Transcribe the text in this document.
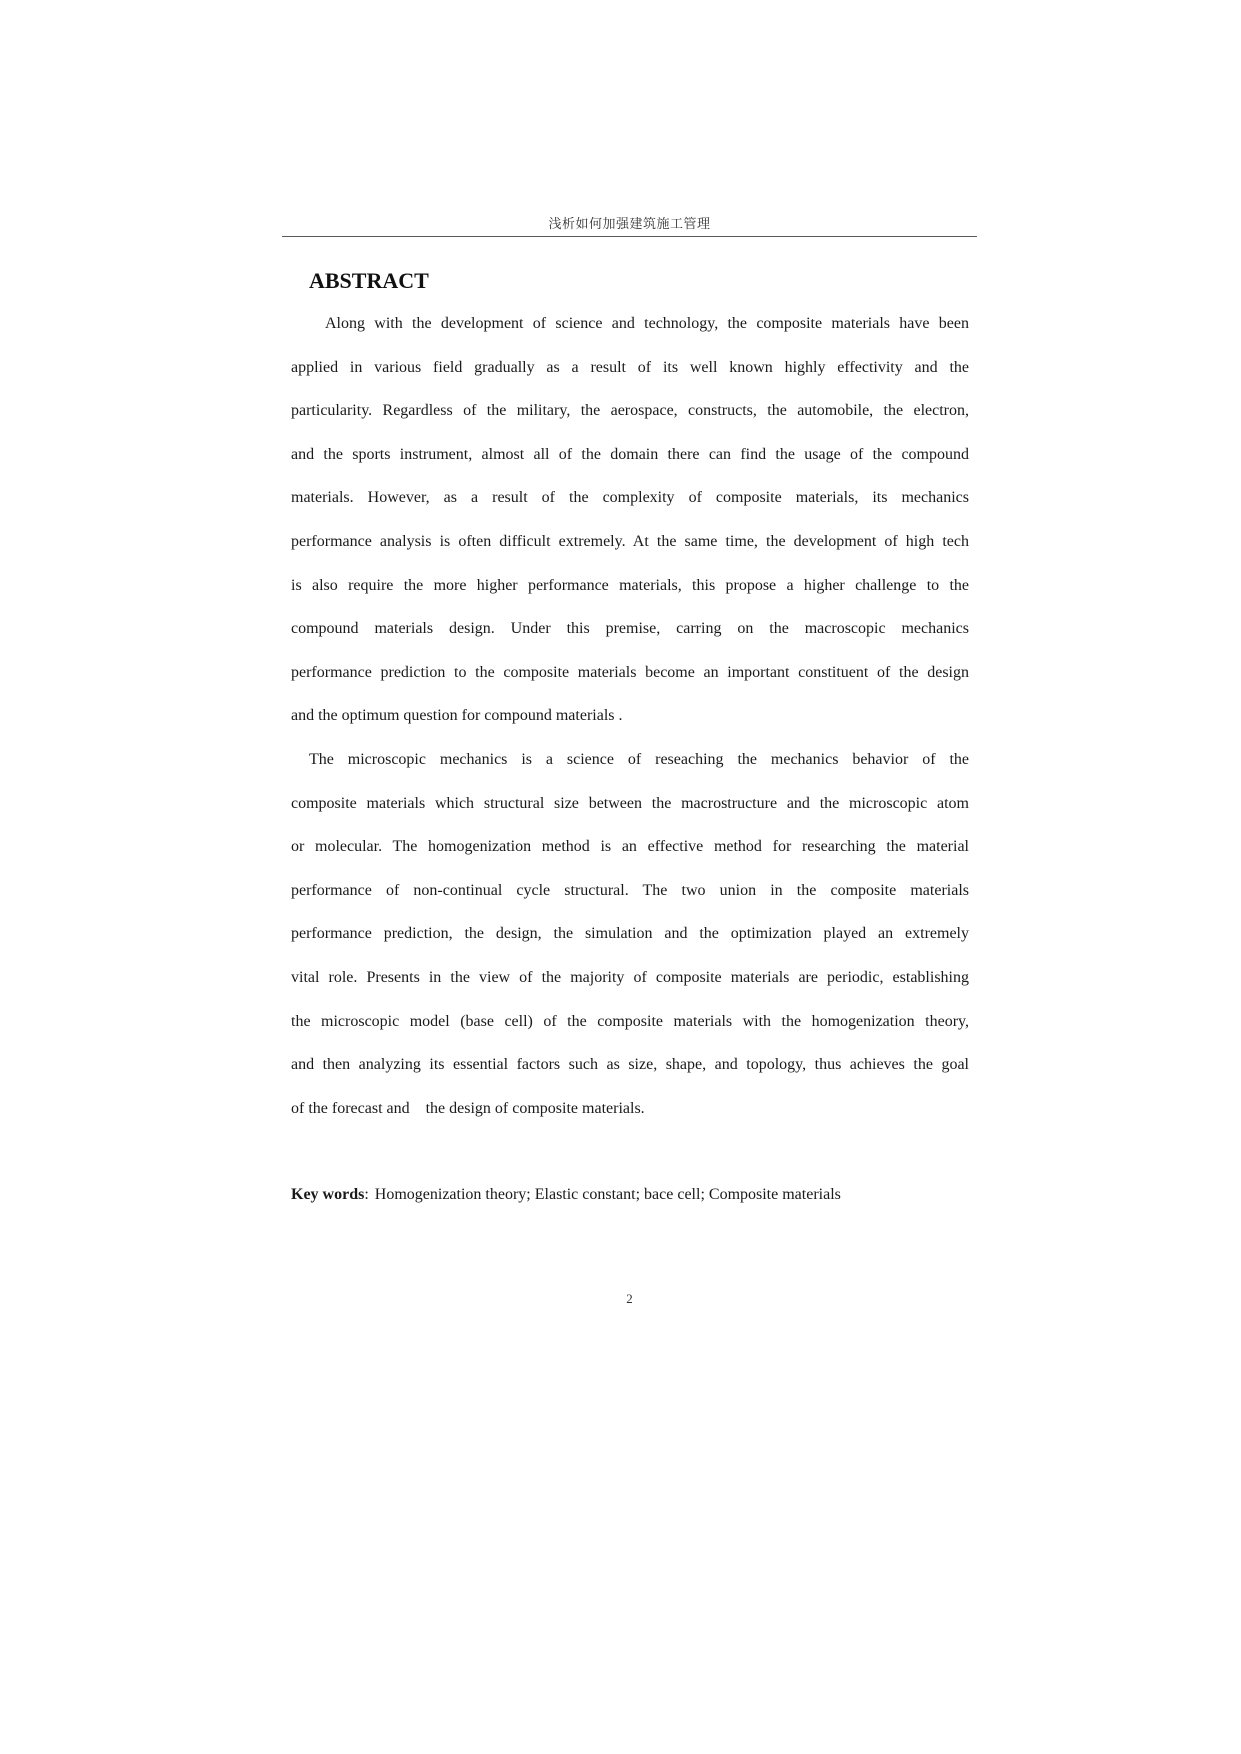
浅析如何加强建筑施工管理
ABSTRACT
Along with the development of science and technology, the composite materials have been
applied in various field gradually as a result of its well known highly effectivity and the
particularity. Regardless of the military, the aerospace, constructs, the automobile, the electron,
and the sports instrument, almost all of the domain there can find the usage of the compound
materials. However, as a result of the complexity of composite materials, its mechanics
performance analysis is often difficult extremely. At the same time, the development of high tech
is also require the more higher performance materials, this propose a higher challenge to the
compound materials design. Under this premise, carring on the macroscopic mechanics
performance prediction to the composite materials become an important constituent of the design
and the optimum question for compound materials .
The microscopic mechanics is a science of reseaching the mechanics behavior of the
composite materials which structural size between the macrostructure and the microscopic atom
or molecular. The homogenization method is an effective method for researching the material
performance of non-continual cycle structural. The two union in the composite materials
performance prediction, the design, the simulation and the optimization played an extremely
vital role. Presents in the view of the majority of composite materials are periodic, establishing
the microscopic model (base cell) of the composite materials with the homogenization theory,
and then analyzing its essential factors such as size, shape, and topology, thus achieves the goal
of the forecast and    the design of composite materials.
Key words: Homogenization theory; Elastic constant; bace cell; Composite materials
2
